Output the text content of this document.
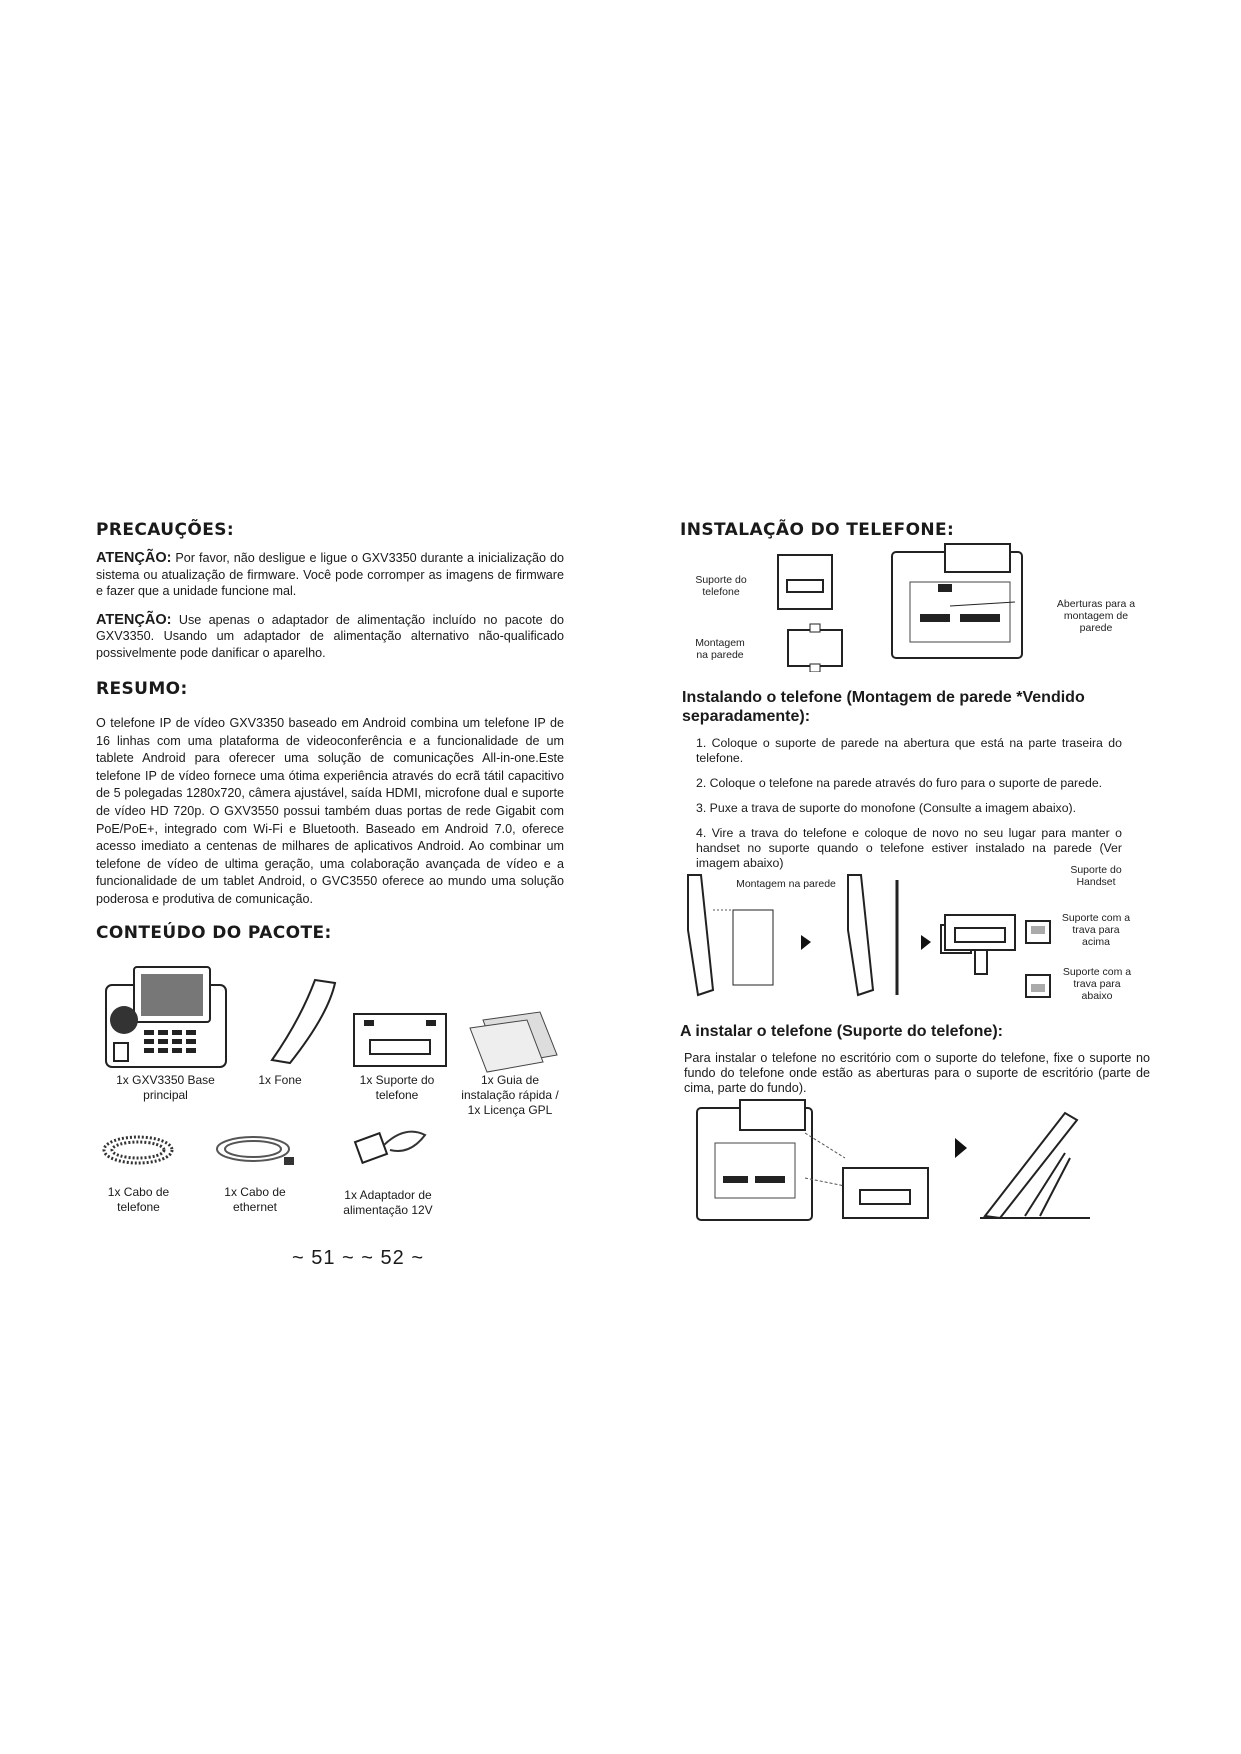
PRECAUÇÕES:

ATENÇÃO: Por favor, não desligue e ligue o GXV3350 durante a inicialização do sistema ou atualização de firmware. Você pode corromper as imagens de firmware e fazer que a unidade funcione mal.

ATENÇÃO: Use apenas o adaptador de alimentação incluído no pacote do GXV3350. Usando um adaptador de alimentação alternativo não-qualificado possivelmente pode danificar o aparelho.

RESUMO:

O telefone IP de vídeo GXV3350 baseado em Android combina um telefone IP de 16 linhas com uma plataforma de videoconferência e a funcionalidade de um tablete Android para oferecer uma solução de comunicações All-in-one.Este telefone IP de vídeo fornece uma ótima experiência através do ecrã tátil capacitivo de 5 polegadas 1280x720, câmera ajustável, saída HDMI, microfone dual e suporte de vídeo HD 720p. O GXV3550 possui também duas portas de rede Gigabit com PoE/PoE+, integrado com Wi-Fi e Bluetooth. Baseado em Android 7.0, oferece acesso imediato a centenas de milhares de aplicativos Android. Ao combinar um telefone de vídeo de ultima geração, uma colaboração avançada de vídeo e a funcionalidade de um tablet Android, o GVC3550 oferece ao mundo uma solução poderosa e produtiva de comunicação.

CONTEÚDO DO PACOTE:
1x GXV3350 Base principal
1x Fone	1x Suporte do telefone
1x Guia de instalação rápida / 1x Licença GPL
1x Cabo de telefone
1x Cabo de ethernet
1x Adaptador de alimentação 12V
~ 51 ~ ~ 52 ~
INSTALAÇÃO DO TELEFONE:
Suporte do telefone
Montagem na parede
Aberturas para a montagem de parede
Instalando o telefone (Montagem de parede *Vendido separadamente):
1. Coloque o suporte de parede na abertura que está na parte traseira do telefone.
2. Coloque o telefone na parede através do furo para o suporte de parede.
3. Puxe a trava de suporte do monofone (Consulte a imagem abaixo).
4. Vire a trava do telefone e coloque de novo no seu lugar para manter o handset no suporte quando o telefone estiver instalado na parede (Ver imagem abaixo)
Montagem na parede
Suporte do Handset
Suporte com a trava para acima
Suporte com a trava para abaixo
A instalar o telefone (Suporte do telefone):

Para instalar o telefone no escritório com o suporte do telefone, fixe o suporte no fundo do telefone onde estão as aberturas para o suporte de escritório (parte de cima, parte do fundo).
